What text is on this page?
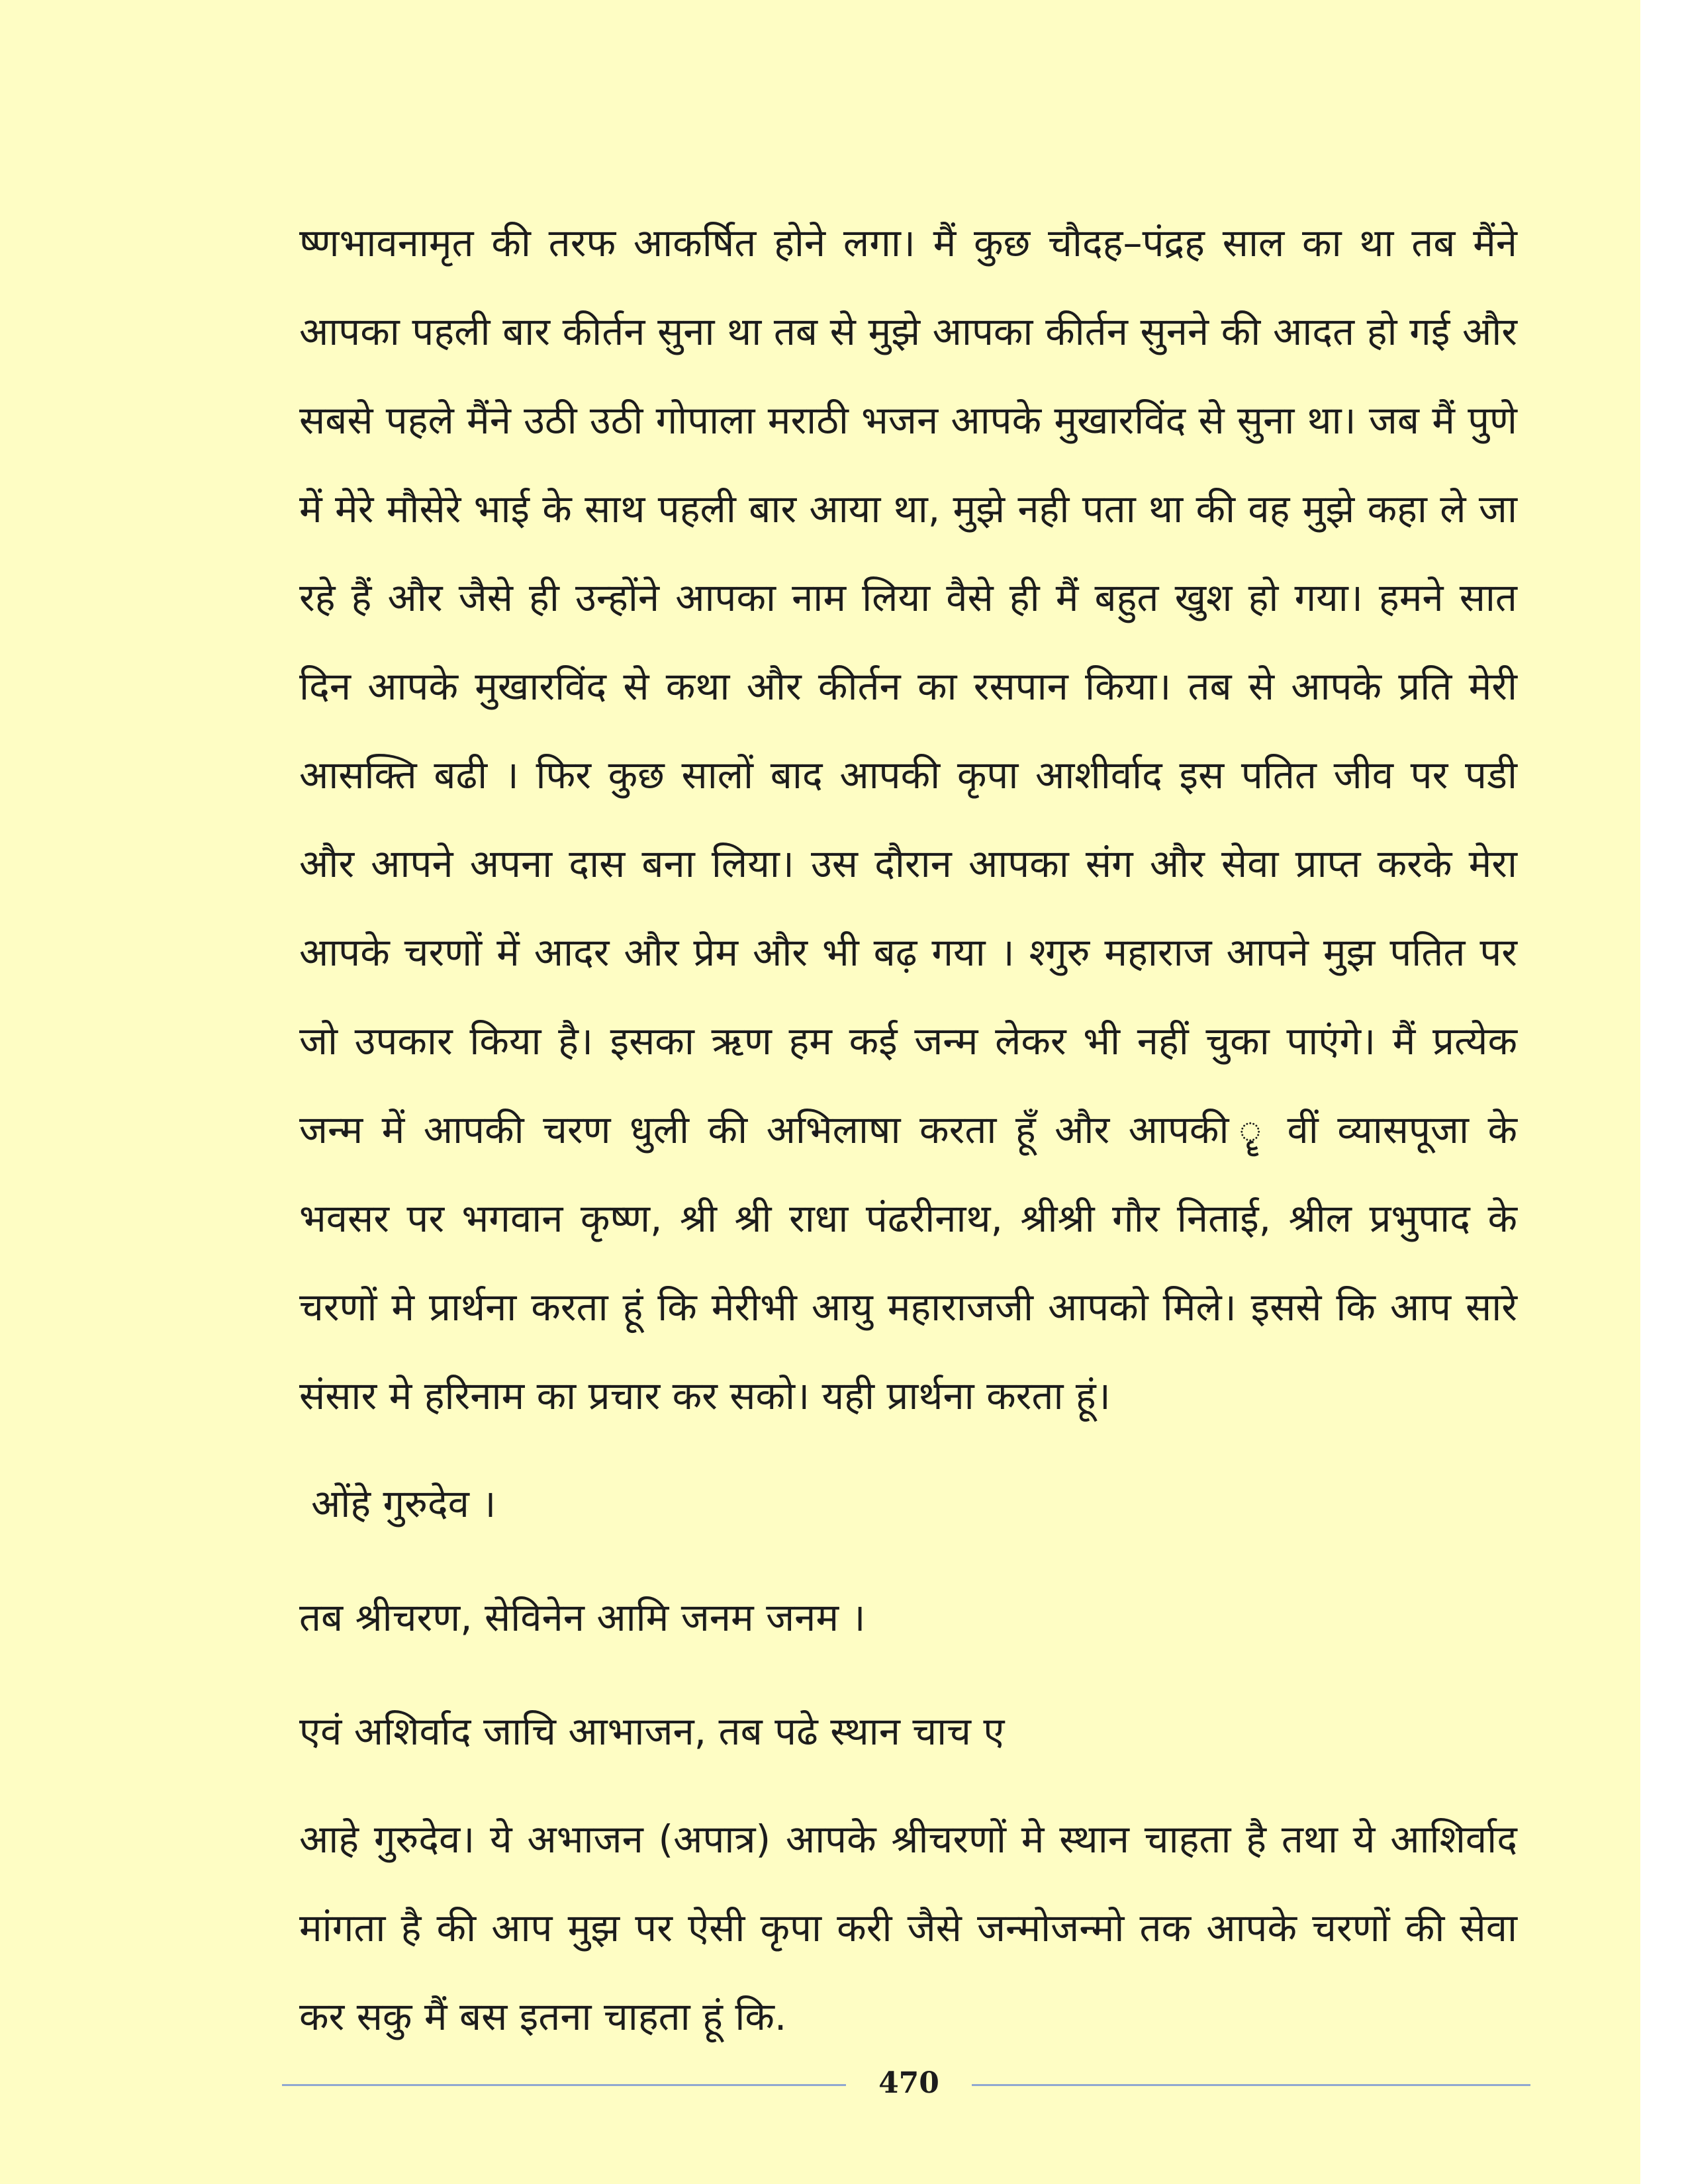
ष्णभावनामृत की तरफ आकर्षित होने लगा। मैं कुछ चौदह–पंद्रह साल का था तब मैंने आपका पहली बार कीर्तन सुना था तब से मुझे आपका कीर्तन सुनने की आदत हो गई और सबसे पहले मैंने उठी उठी गोपाला मराठी भजन आपके मुखारविंद से सुना था। जब मैं पुणे में मेरे मौसेरे भाई के साथ पहली बार आया था, मुझे नही पता था की वह मुझे कहा ले जा रहे हैं और जैसे ही उन्होंने आपका नाम लिया वैसे ही मैं बहुत खुश हो गया। हमने सात दिन आपके मुखारविंद से कथा और कीर्तन का रसपान किया। तब से आपके प्रति मेरी आसक्ति बढी । फिर कुछ सालों बाद आपकी कृपा आशीर्वाद इस पतित जीव पर पडी और आपने अपना दास बना लिया। उस दौरान आपका संग और सेवा प्राप्त करके मेरा आपके चरणों में आदर और प्रेम और भी बढ़ गया । श्गुरु महाराज आपने मुझ पतित पर जो उपकार किया है। इसका ऋण हम कई जन्म लेकर भी नहीं चुका पाएंगे। मैं प्रत्येक जन्म में आपकी चरण धुली की अभिलाषा करता हूँ और आपकी ॄ वीं व्यासपूजा के भवसर पर भगवान कृष्ण, श्री श्री राधा पंढरीनाथ, श्रीश्री गौर निताई, श्रील प्रभुपाद के चरणों मे प्रार्थना करता हूं कि मेरीभी आयु महाराजजी आपको मिले। इससे कि आप सारे संसार मे हरिनाम का प्रचार कर सको। यही प्रार्थना करता हूं।

ओंहे गुरुदेव ।

तब श्रीचरण, सेविनेन आमि जनम जनम ।

एवं अशिर्वाद जाचि आभाजन, तब पढे स्थान चाच ए

आहे गुरुदेव। ये अभाजन (अपात्र) आपके श्रीचरणों मे स्थान चाहता है तथा ये आशिर्वाद मांगता है की आप मुझ पर ऐसी कृपा करी जैसे जन्मोजन्मो तक आपके चरणों की सेवा कर सकु मैं बस इतना चाहता हूं कि.

470
